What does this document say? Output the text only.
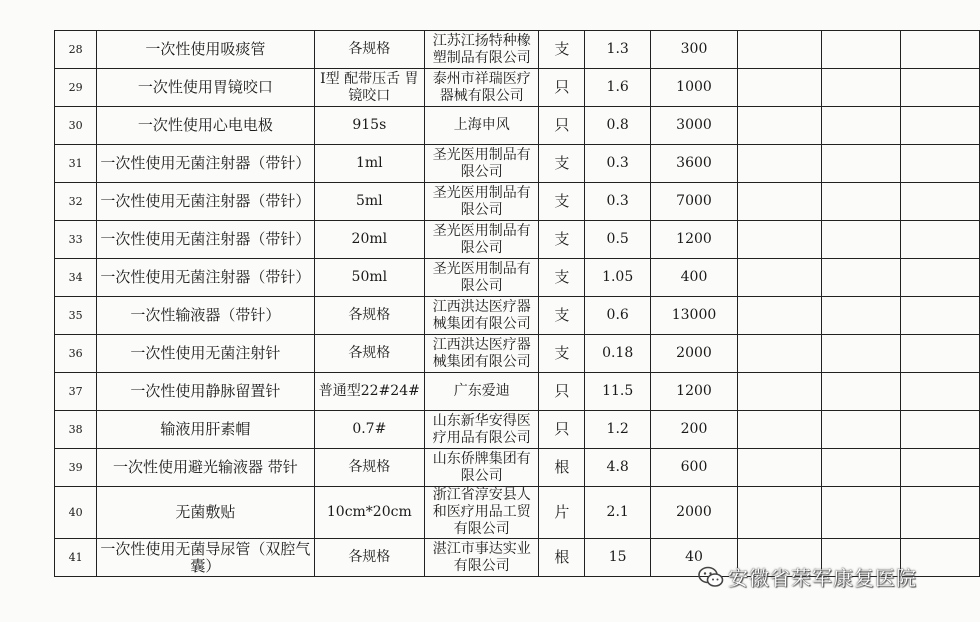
28	一次性使用吸痰管	各规格	江苏江扬特种橡塑制品有限公司	支	1.3	300			
29	一次性使用胃镜咬口	I型 配带压舌 胃镜咬口	泰州市祥瑞医疗器械有限公司	只	1.6	1000			
30	一次性使用心电电极	915s	上海申风	只	0.8	3000			
31	一次性使用无菌注射器（带针）	1ml	圣光医用制品有限公司	支	0.3	3600			
32	一次性使用无菌注射器（带针）	5ml	圣光医用制品有限公司	支	0.3	7000			
33	一次性使用无菌注射器（带针）	20ml	圣光医用制品有限公司	支	0.5	1200			
34	一次性使用无菌注射器（带针）	50ml	圣光医用制品有限公司	支	1.05	400			
35	一次性输液器（带针）	各规格	江西洪达医疗器械集团有限公司	支	0.6	13000			
36	一次性使用无菌注射针	各规格	江西洪达医疗器械集团有限公司	支	0.18	2000			
37	一次性使用静脉留置针	普通型22#24#	广东爱迪	只	11.5	1200			
38	输液用肝素帽	0.7#	山东新华安得医疗用品有限公司	只	1.2	200			
39	一次性使用避光输液器 带针	各规格	山东侨牌集团有限公司	根	4.8	600			
40	无菌敷贴	10cm*20cm	浙江省淳安县人和医疗用品工贸有限公司	片	2.1	2000			
41	一次性使用无菌导尿管（双腔气囊）	各规格	湛江市事达实业有限公司	根	15	40			
安徽省荣军康复医院
